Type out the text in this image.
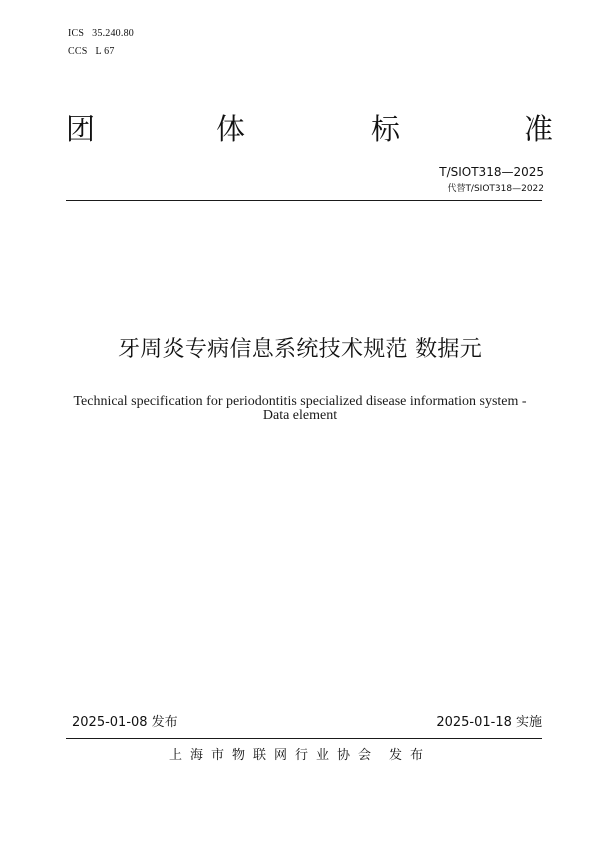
ICS 35.240.80
CCS L 67
团	体	标	准
T/SIOT318—2025
代替T/SIOT318—2022
牙周炎专病信息系统技术规范 数据元
Technical specification for periodontitis specialized disease information system -
Data element
2025-01-08 发布	2025-01-18 实施
上海市物联网行业协会 发布
